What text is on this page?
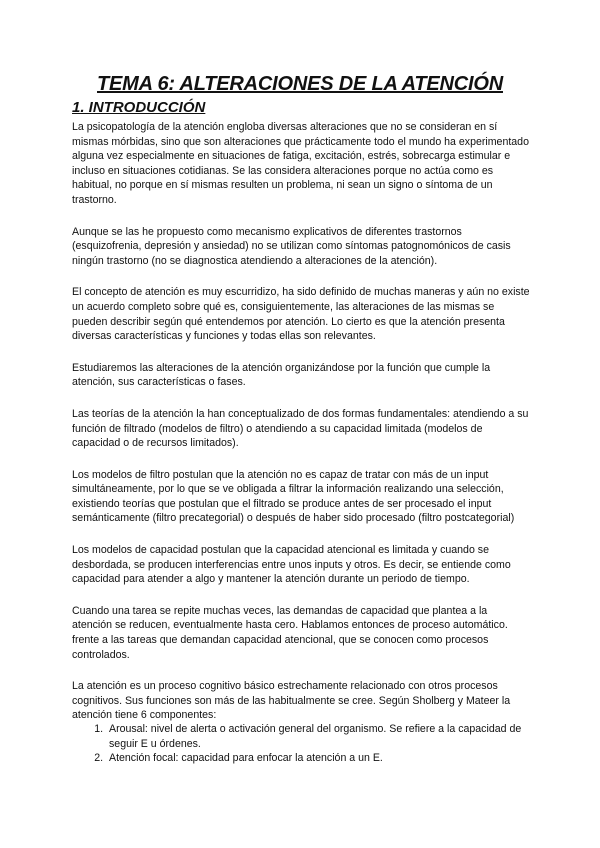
TEMA 6: ALTERACIONES DE LA ATENCIÓN
1. INTRODUCCIÓN

La psicopatología de la atención engloba diversas alteraciones que no se consideran en sí mismas mórbidas, sino que son alteraciones que prácticamente todo el mundo ha experimentado alguna vez especialmente en situaciones de fatiga, excitación, estrés, sobrecarga estimular e incluso en situaciones cotidianas. Se las considera alteraciones porque no actúa como es habitual, no porque en sí mismas resulten un problema, ni sean un signo o síntoma de un trastorno.

Aunque se las he propuesto como mecanismo explicativos de diferentes trastornos (esquizofrenia, depresión y ansiedad) no se utilizan como síntomas patognomónicos de casis ningún trastorno (no se diagnostica atendiendo a alteraciones de la atención).

El concepto de atención es muy escurridizo, ha sido definido de muchas maneras y aún no existe un acuerdo completo sobre qué es, consiguientemente, las alteraciones de las mismas se pueden describir según qué entendemos por atención. Lo cierto es que la atención presenta diversas características y funciones y todas ellas son relevantes.

Estudiaremos las alteraciones de la atención organizándose por la función que cumple la atención, sus características o fases.

Las teorías de la atención la han conceptualizado de dos formas fundamentales: atendiendo a su función de filtrado (modelos de filtro) o atendiendo a su capacidad limitada (modelos de capacidad o de recursos limitados).

Los modelos de filtro postulan que la atención no es capaz de tratar con más de un input simultáneamente, por lo que se ve obligada a filtrar la información realizando una selección, existiendo teorías que postulan que el filtrado se produce antes de ser procesado el input semánticamente (filtro precategorial) o después de haber sido procesado (filtro postcategorial)

Los modelos de capacidad postulan que la capacidad atencional es limitada y cuando se desbordada, se producen interferencias entre unos inputs y otros. Es decir, se entiende como capacidad para atender a algo y mantener la atención durante un periodo de tiempo.

Cuando una tarea se repite muchas veces, las demandas de capacidad que plantea a la atención se reducen, eventualmente hasta cero. Hablamos entonces de proceso automático. frente a las tareas que demandan capacidad atencional, que se conocen como procesos controlados.

La atención es un proceso cognitivo básico estrechamente relacionado con otros procesos cognitivos. Sus funciones son más de las habitualmente se cree. Según Sholberg y Mateer la atención tiene 6 componentes:

1. Arousal: nivel de alerta o activación general del organismo. Se refiere a la capacidad de seguir E u órdenes.
2. Atención focal: capacidad para enfocar la atención a un E.
